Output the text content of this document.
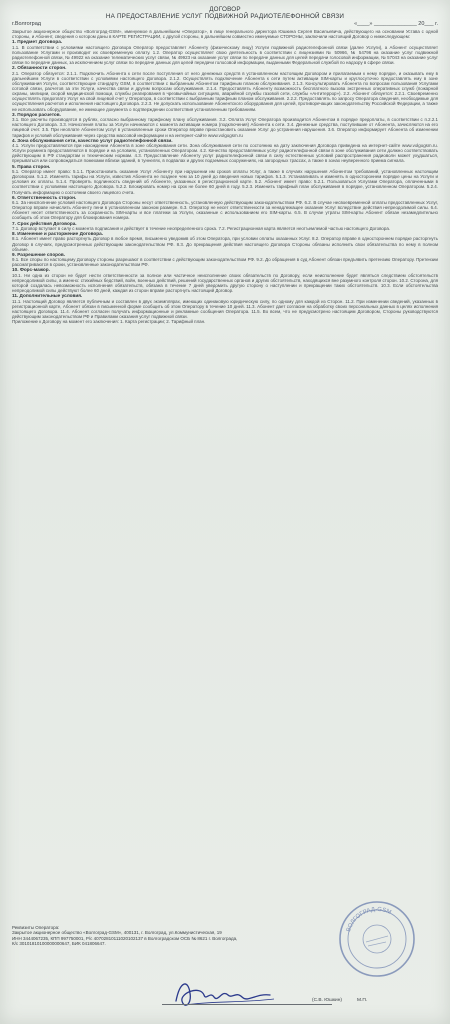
ДОГОВОР
НА ПРЕДОСТАВЛЕНИЕ УСЛУГ ПОДВИЖНОЙ РАДИОТЕЛЕФОННОЙ СВЯЗИ
г.Волгоград	«____» ______________ 20___ г.

Закрытое акционерное общество «Волгоград-GSM», именуемое в дальнейшем «Оператор», в лице генерального директора Юшкина Сергея Васильевича, действующего на основании Устава с одной стороны, и Абонент, сведения о котором даны в КАРТЕ РЕГИСТРАЦИИ, с другой стороны, в дальнейшем совместно именуемые СТОРОНЫ, заключили настоящий Договор о нижеследующем:

1. Предмет Договора.

1.1. В соответствии с условиями настоящего Договора Оператор предоставляет Абоненту (физическому лицу) Услуги подвижной радиотелефонной связи (далее Услуги), а Абонент осуществляет пользование Услугами и производит их своевременную оплату. 1.2. Оператор осуществляет свою деятельность в соответствии с лицензиями № 50966, № 54796 на оказание услуг подвижной радиотелефонной связи, № 49922 на оказание телематических услуг связи, № 49923 на оказание услуг связи по передаче данных для целей передачи голосовой информации, № 57043 на оказание услуг связи по передаче данных, за исключением услуг связи по передаче данных для целей передачи голосовой информации, выданными Федеральной службой по надзору в сфере связи.

2. Обязанности сторон.

2.1. Оператор обязуется: 2.1.1. Подключить Абонента к сети после поступления от него денежных средств в установленном настоящим Договором и прилагаемым к нему порядке, и оказывать ему в дальнейшем Услуги в соответствии с условиями настоящего Договора. 2.1.2. Осуществлять подключение Абонента к сети путем активации SIM-карты и круглосуточно предоставлять ему в зоне обслуживания Услуги, соответствующие стандарту GSM, в соответствии с выбранным Абонентом тарифным планом обслуживания. 2.1.3. Консультировать Абонента по вопросам пользования Услугами сотовой связи, расчетов за эти Услуги, качества связи и другим вопросам обслуживания. 2.1.4. Предоставлять Абоненту возможность бесплатного вызова экстренных оперативных служб (пожарной охраны, милиции, скорой медицинской помощи, службы реагирования в чрезвычайных ситуациях, аварийной службы газовой сети, службы «Антитеррор»). 2.2. Абонент обязуется: 2.2.1. Своевременно осуществлять предоплату Услуг на свой лицевой счет у Оператора, в соответствии с выбранным тарифным планом обслуживания. 2.2.2. Предоставлять по запросу Оператора сведения, необходимые для осуществления расчетов и исполнения настоящего Договора. 2.2.3. Не допускать использование Абонентского оборудования для целей, противоречащих законодательству Российской Федерации, а также не использовать оборудование, не имеющее документа о подтверждении соответствия установленным требованиям.

3. Порядок расчетов.

3.1. Все расчеты производятся в рублях, согласно выбранному тарифному плану обслуживания. 3.2. Оплата Услуг Оператора производится Абонентом в порядке предоплаты, в соответствии с п.2.2.1 настоящего Договора. 3.3. Начисления платы за Услуги начинаются с момента активации номера (подключения) Абонента к сети. 3.4. Денежные средства, поступившие от Абонента, зачисляются на его лицевой счет. 3.5. При неоплате Абонентом услуг в установленные сроки Оператор вправе приостановить оказание Услуг до устранения нарушения. 3.6. Оператор информирует Абонента об изменении тарифов и условий обслуживания через средства массовой информации и на интернет-сайте www.volgogsm.ru

4. Зона обслуживания сети, качество услуг радиотелефонной связи.

4.1. Услуги предоставляются при нахождении Абонента в зоне обслуживания сети. Зона обслуживания сети по состоянию на дату заключения Договора приведена на интернет-сайте www.volgogsm.ru. Услуги роуминга предоставляются в порядке и на условиях, установленных Оператором. 4.2. Качество предоставляемых услуг радиотелефонной связи в зоне обслуживания сети должно соответствовать действующим в РФ стандартам и техническим нормам. 4.3. Предоставление Абоненту услуг радиотелефонной связи в силу естественных условий распространения радиоволн может ухудшаться, прерываться или сопровождаться помехами вблизи зданий, в туннелях, в подвалах и других подземных сооружениях, на загородных трассах, а также в зонах неуверенного приема сигнала.

5. Права сторон.

5.1. Оператор имеет право: 5.1.1. Приостановить оказание Услуг Абоненту при нарушении им сроков оплаты Услуг, а также в случаях нарушения Абонентом требований, установленных настоящим Договором. 5.1.2. Изменять тарифы на Услуги, известив Абонента не позднее чем за 10 дней до введения новых тарифов. 5.1.3. Устанавливать и изменять в одностороннем порядке цены на Услуги и условия их оплаты. 5.1.4. Проверять подлинность сведений об Абоненте, указанных в регистрационной карте. 5.2. Абонент имеет право: 5.2.1. Пользоваться Услугами Оператора, оплаченными в соответствии с условиями настоящего Договора. 5.2.2. Блокировать номер на срок не более 60 дней в году. 5.2.3. Изменить тарифный план обслуживания в порядке, установленном Оператором. 5.2.4. Получать информацию о состоянии своего лицевого счета.

6. Ответственность сторон.

6.1. За неисполнение условий настоящего Договора Стороны несут ответственность, установленную действующим законодательством РФ. 6.2. В случае несвоевременной оплаты предоставленных Услуг, Оператор вправе начислить Абоненту пени в установленном законом размере. 6.3. Оператор не несет ответственности за ненадлежащее оказание Услуг вследствие действия непреодолимой силы. 6.4. Абонент несет ответственность за сохранность SIM-карты и все платежи за Услуги, оказанные с использованием его SIM-карты. 6.5. В случае утраты SIM-карты Абонент обязан незамедлительно сообщить об этом Оператору для блокирования номера.

7. Срок действия Договора.

7.1. Договор вступает в силу с момента подписания и действует в течение неопределенного срока. 7.2. Регистрационная карта является неотъемлемой частью настоящего Договора.

8. Изменение и расторжение Договора.

8.1. Абонент имеет право расторгнуть Договор в любое время, письменно уведомив об этом Оператора, при условии оплаты оказанных Услуг. 8.2. Оператор вправе в одностороннем порядке расторгнуть Договор в случаях, предусмотренных действующим законодательством РФ. 8.3. До прекращения действия настоящего Договора Стороны обязаны исполнить свои обязательства по нему в полном объеме.

9. Разрешение споров.

9.1. Все споры по настоящему Договору стороны разрешают в соответствии с действующим законодательством РФ. 9.2. До обращения в суд Абонент обязан предъявить претензию Оператору. Претензии рассматриваются в сроки, установленные законодательством РФ.

10. Форс-мажор.

10.1. Ни одна из сторон не будет нести ответственности за полное или частичное неисполнение своих обязательств по Договору, если неисполнение будет являться следствием обстоятельств непреодолимой силы, а именно: стихийных бедствий, войн, военных действий, решений государственных органов и других обстоятельств, находящихся вне разумного контроля сторон. 10.2. Сторона, для которой создалась невозможность исполнения обязательств, обязана в течение 7 дней уведомить другую сторону о наступлении и прекращении таких обстоятельств. 10.3. Если обстоятельства непреодолимой силы действуют более 60 дней, каждая из сторон вправе расторгнуть настоящий Договор.

11. Дополнительные условия.

11.1. Настоящий Договор является публичным и составлен в двух экземплярах, имеющих одинаковую юридическую силу, по одному для каждой из Сторон. 11.2. При изменении сведений, указанных в регистрационной карте, Абонент обязан в письменной форме сообщить об этом Оператору в течение 10 дней. 11.3. Абонент дает согласие на обработку своих персональных данных в целях исполнения настоящего Договора. 11.4. Абонент согласен получать информационные и рекламные сообщения Оператора. 11.5. Во всем, что не предусмотрено настоящим Договором, Стороны руководствуются действующим законодательством РФ и Правилами оказания услуг подвижной связи.

Приложение к Договору на момент его заключения: 1. Карта регистрации; 2. Тарифный план.

Реквизиты Оператора:

Закрытое акционерное общество «Волгоград-GSM», 400131, г. Волгоград, ул.Коммунистическая, 19

ИНН 3444067235, КПП 997750001, Р/с 40702810111020102137 в Волгоградском ОСБ № 8621 г. Волгограда,

К/с 30101810100000000647, БИК 041806647.

ВОЛГОГРАД-GSM
(С.В. Юшкин)	М.П.
